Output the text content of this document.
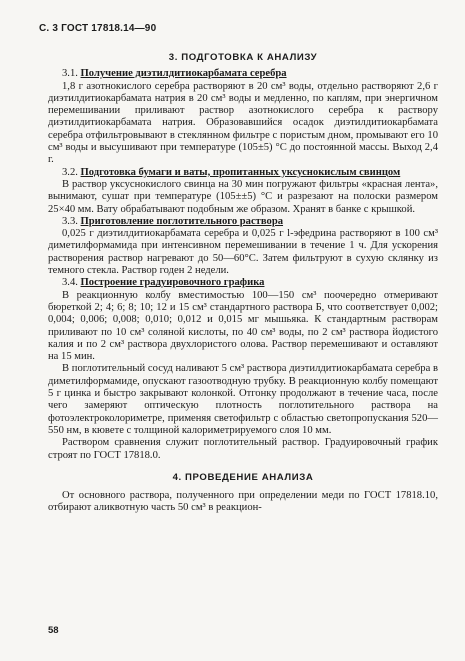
С. 3 ГОСТ 17818.14—90
3. ПОДГОТОВКА К АНАЛИЗУ

3.1. Получение диэтилдитиокарбамата серебра

1,8 г азотнокислого серебра растворяют в 20 см³ воды, отдельно растворяют 2,6 г диэтилдитиокарбамата натрия в 20 см³ воды и медленно, по каплям, при энергичном перемешивании приливают раствор азотнокислого серебра к раствору диэтилдитиокарбамата натрия. Образовавшийся осадок диэтилдитиокарбамата серебра отфильтровывают в стеклянном фильтре с пористым дном, промывают его 10 см³ воды и высушивают при температуре (105±5) °С до постоянной массы. Выход 2,4 г.

3.2. Подготовка бумаги и ваты, пропитанных уксуснокислым свинцом

В раствор уксуснокислого свинца на 30 мин погружают фильтры «красная лента», вынимают, сушат при температуре (105±±5) °С и разрезают на полоски размером 25×40 мм. Вату обрабатывают подобным же образом. Хранят в банке с крышкой.

3.3. Приготовление поглотительного раствора

0,025 г диэтилдитиокарбамата серебра и 0,025 г l-эфедрина растворяют в 100 см³ диметилформамида при интенсивном перемешивании в течение 1 ч. Для ускорения растворения раствор нагревают до 50—60°С. Затем фильтруют в сухую склянку из темного стекла. Раствор годен 2 недели.

3.4. Построение градуировочного графика

В реакционную колбу вместимостью 100—150 см³ поочередно отмеривают бюреткой 2; 4; 6; 8; 10; 12 и 15 см³ стандартного раствора Б, что соответствует 0,002; 0,004; 0,006; 0,008; 0,010; 0,012 и 0,015 мг мышьяка. К стандартным растворам приливают по 10 см³ соляной кислоты, по 40 см³ воды, по 2 см³ раствора йодистого калия и по 2 см³ раствора двухлористого олова. Раствор перемешивают и оставляют на 15 мин.

В поглотительный сосуд наливают 5 см³ раствора диэтилдитиокарбамата серебра в диметилформамиде, опускают газоотводную трубку. В реакционную колбу помещают 5 г цинка и быстро закрывают колонкой. Отгонку продолжают в течение часа, после чего замеряют оптическую плотность поглотительного раствора на фотоэлектроколориметре, применяя светофильтр с областью светопропускания 520—550 нм, в кювете с толщиной калориметрируемого слоя 10 мм.

Раствором сравнения служит поглотительный раствор. Градуировочный график строят по ГОСТ 17818.0.

4. ПРОВЕДЕНИЕ АНАЛИЗА

От основного раствора, полученного при определении меди по ГОСТ 17818.10, отбирают аликвотную часть 50 см³ в реакцион-

58
